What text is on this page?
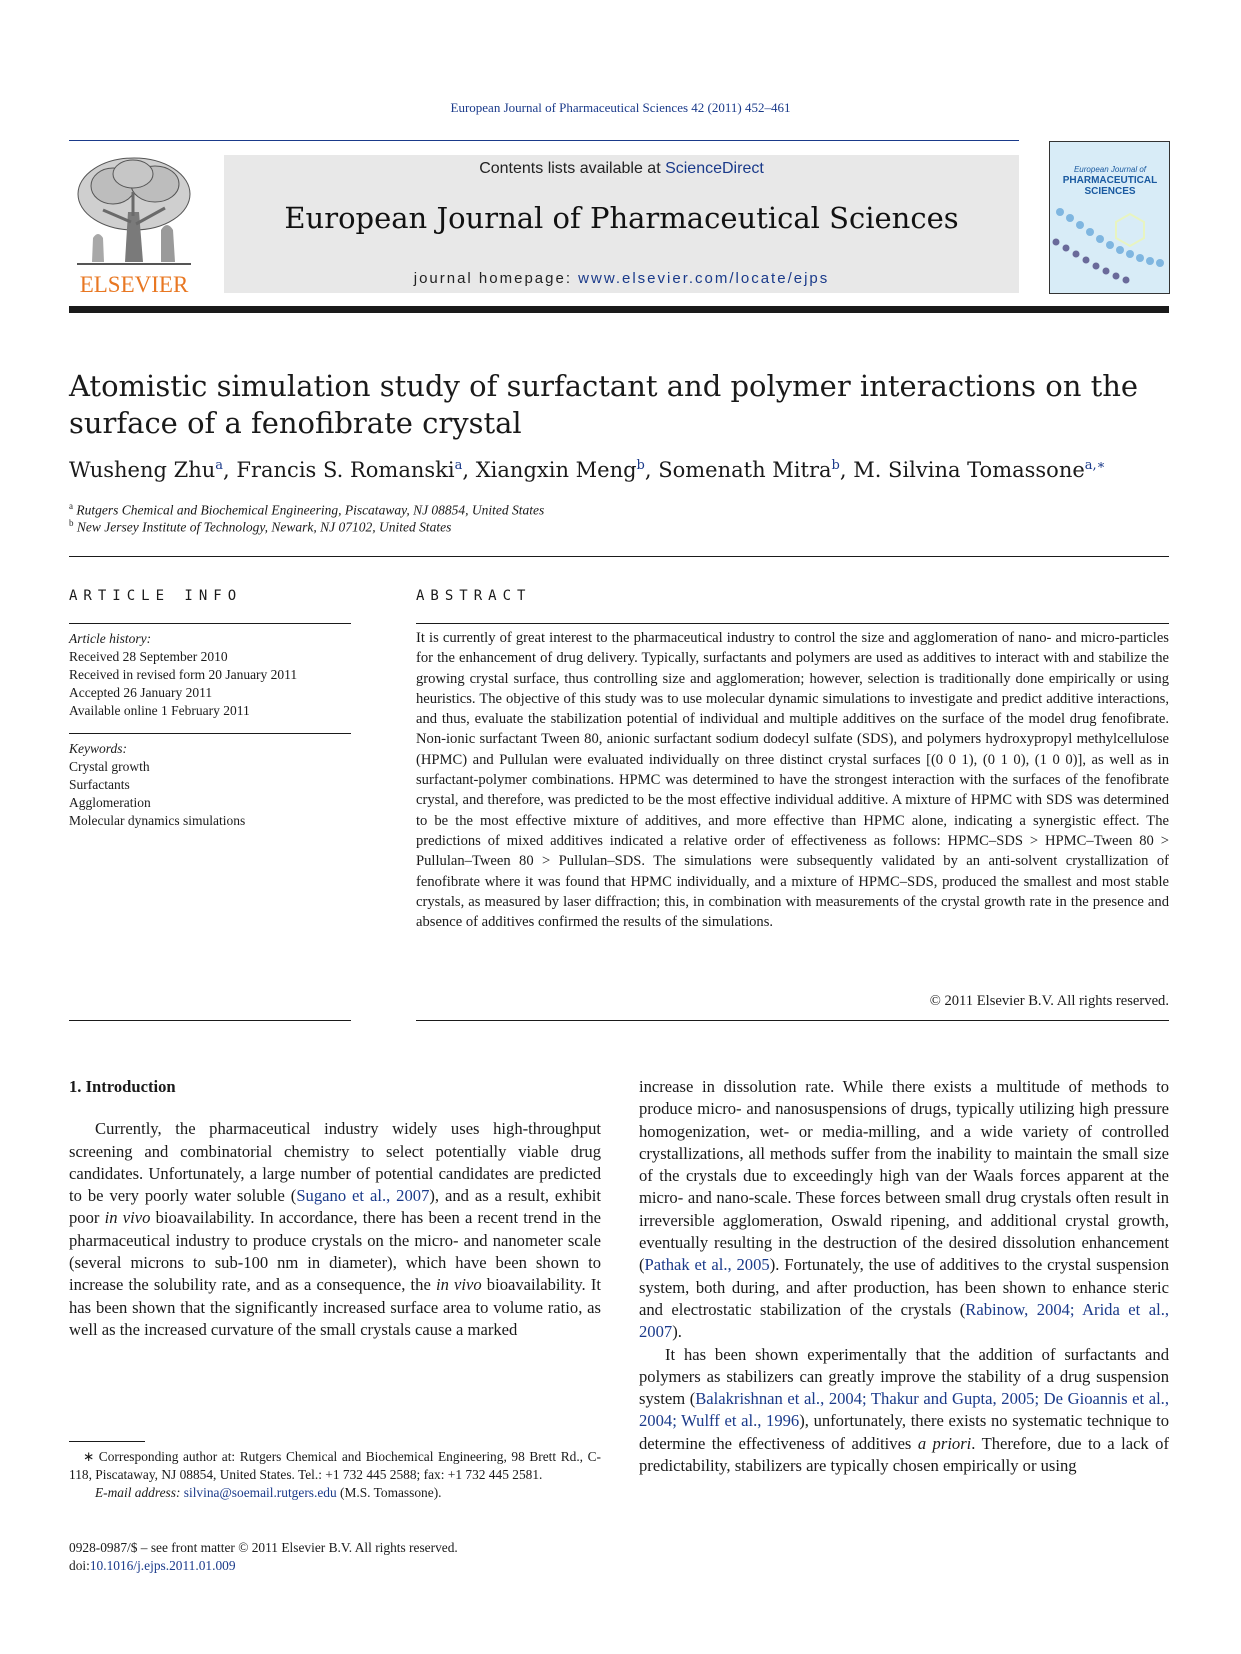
European Journal of Pharmaceutical Sciences 42 (2011) 452–461
ELSEVIER
Contents lists available at ScienceDirect
European Journal of Pharmaceutical Sciences
journal homepage: www.elsevier.com/locate/ejps
European Journal of
PHARMACEUTICAL
SCIENCES
Atomistic simulation study of surfactant and polymer interactions on the surface of a fenofibrate crystal
Wusheng Zhu$^a$, Francis S. Romanski$^a$, Xiangxin Meng$^b$, Somenath Mitra$^b$, M. Silvina Tomassone$^{a,∗}$
$^a$ Rutgers Chemical and Biochemical Engineering, Piscataway, NJ 08854, United States
$^b$ New Jersey Institute of Technology, Newark, NJ 07102, United States
ARTICLE INFO
Article history:
Received 28 September 2010
Received in revised form 20 January 2011
Accepted 26 January 2011
Available online 1 February 2011
Keywords:
Crystal growth
Surfactants
Agglomeration
Molecular dynamics simulations
ABSTRACT
It is currently of great interest to the pharmaceutical industry to control the size and agglomeration of nano- and micro-particles for the enhancement of drug delivery. Typically, surfactants and polymers are used as additives to interact with and stabilize the growing crystal surface, thus controlling size and agglomeration; however, selection is traditionally done empirically or using heuristics. The objective of this study was to use molecular dynamic simulations to investigate and predict additive interactions, and thus, evaluate the stabilization potential of individual and multiple additives on the surface of the model drug fenofibrate. Non-ionic surfactant Tween 80, anionic surfactant sodium dodecyl sulfate (SDS), and polymers hydroxypropyl methylcellulose (HPMC) and Pullulan were evaluated individually on three distinct crystal surfaces [(0 0 1), (0 1 0), (1 0 0)], as well as in surfactant-polymer combinations. HPMC was determined to have the strongest interaction with the surfaces of the fenofibrate crystal, and therefore, was predicted to be the most effective individual additive. A mixture of HPMC with SDS was determined to be the most effective mixture of additives, and more effective than HPMC alone, indicating a synergistic effect. The predictions of mixed additives indicated a relative order of effectiveness as follows: HPMC–SDS > HPMC–Tween 80 > Pullulan–Tween 80 > Pullulan–SDS. The simulations were subsequently validated by an anti-solvent crystallization of fenofibrate where it was found that HPMC individually, and a mixture of HPMC–SDS, produced the smallest and most stable crystals, as measured by laser diffraction; this, in combination with measurements of the crystal growth rate in the presence and absence of additives confirmed the results of the simulations.
© 2011 Elsevier B.V. All rights reserved.
1. Introduction

Currently, the pharmaceutical industry widely uses high-throughput screening and combinatorial chemistry to select potentially viable drug candidates. Unfortunately, a large number of potential candidates are predicted to be very poorly water soluble (Sugano et al., 2007), and as a result, exhibit poor in vivo bioavailability. In accordance, there has been a recent trend in the pharmaceutical industry to produce crystals on the micro- and nanometer scale (several microns to sub-100 nm in diameter), which have been shown to increase the solubility rate, and as a consequence, the in vivo bioavailability. It has been shown that the significantly increased surface area to volume ratio, as well as the increased curvature of the small crystals cause a marked

increase in dissolution rate. While there exists a multitude of methods to produce micro- and nanosuspensions of drugs, typically utilizing high pressure homogenization, wet- or media-milling, and a wide variety of controlled crystallizations, all methods suffer from the inability to maintain the small size of the crystals due to exceedingly high van der Waals forces apparent at the micro- and nano-scale. These forces between small drug crystals often result in irreversible agglomeration, Oswald ripening, and additional crystal growth, eventually resulting in the destruction of the desired dissolution enhancement (Pathak et al., 2005). Fortunately, the use of additives to the crystal suspension system, both during, and after production, has been shown to enhance steric and electrostatic stabilization of the crystals (Rabinow, 2004; Arida et al., 2007).

It has been shown experimentally that the addition of surfactants and polymers as stabilizers can greatly improve the stability of a drug suspension system (Balakrishnan et al., 2004; Thakur and Gupta, 2005; De Gioannis et al., 2004; Wulff et al., 1996), unfortunately, there exists no systematic technique to determine the effectiveness of additives a priori. Therefore, due to a lack of predictability, stabilizers are typically chosen empirically or using

∗ Corresponding author at: Rutgers Chemical and Biochemical Engineering, 98 Brett Rd., C-118, Piscataway, NJ 08854, United States. Tel.: +1 732 445 2588; fax: +1 732 445 2581.
E-mail address: silvina@soemail.rutgers.edu (M.S. Tomassone).
0928-0987/$ – see front matter © 2011 Elsevier B.V. All rights reserved.
doi:10.1016/j.ejps.2011.01.009
